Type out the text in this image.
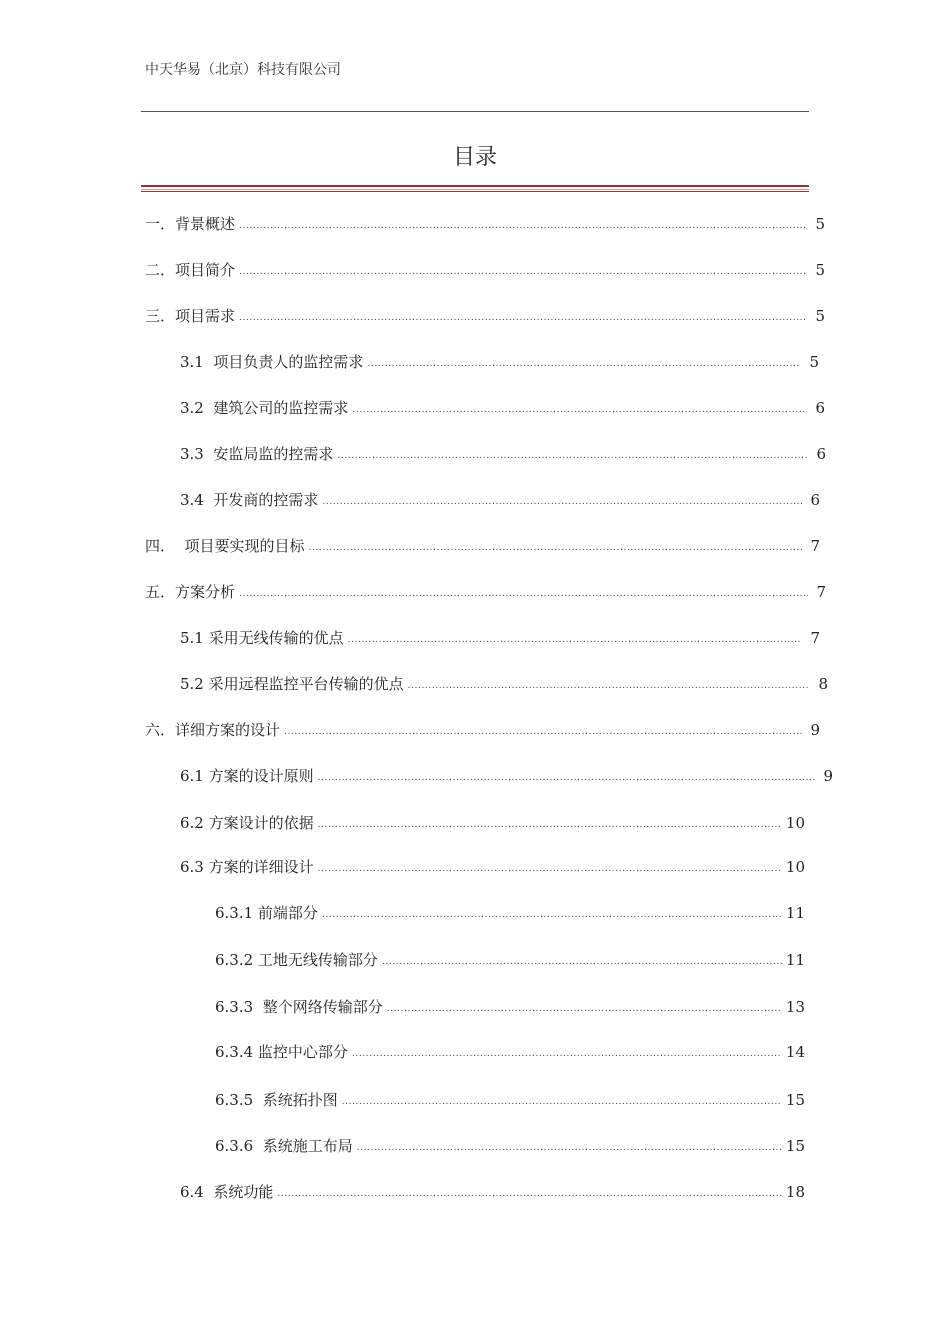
中天华易（北京）科技有限公司
目录
一．背景概述 .....	5
二．项目简介 .....	5
三．项目需求 .....	5
3.1  项目负责人的监控需求 .....	5
3.2  建筑公司的监控需求 .....	6
3.3  安监局监的控需求 .....	6
3.4  开发商的控需求 .....	6
四．  项目要实现的目标 .....	7
五．方案分析 .....	7
5.1 采用无线传输的优点 .....	7
5.2 采用远程监控平台传输的优点 .....	8
六．详细方案的设计 .....	9
6.1 方案的设计原则 .....	9
6.2 方案设计的依据 .....	10
6.3 方案的详细设计 .....	10
6.3.1 前端部分 .....	11
6.3.2 工地无线传输部分 .....	11
6.3.3  整个网络传输部分 .....	13
6.3.4 监控中心部分 .....	14
6.3.5  系统拓扑图 .....	15
6.3.6  系统施工布局 .....	15
6.4  系统功能 .....	18
